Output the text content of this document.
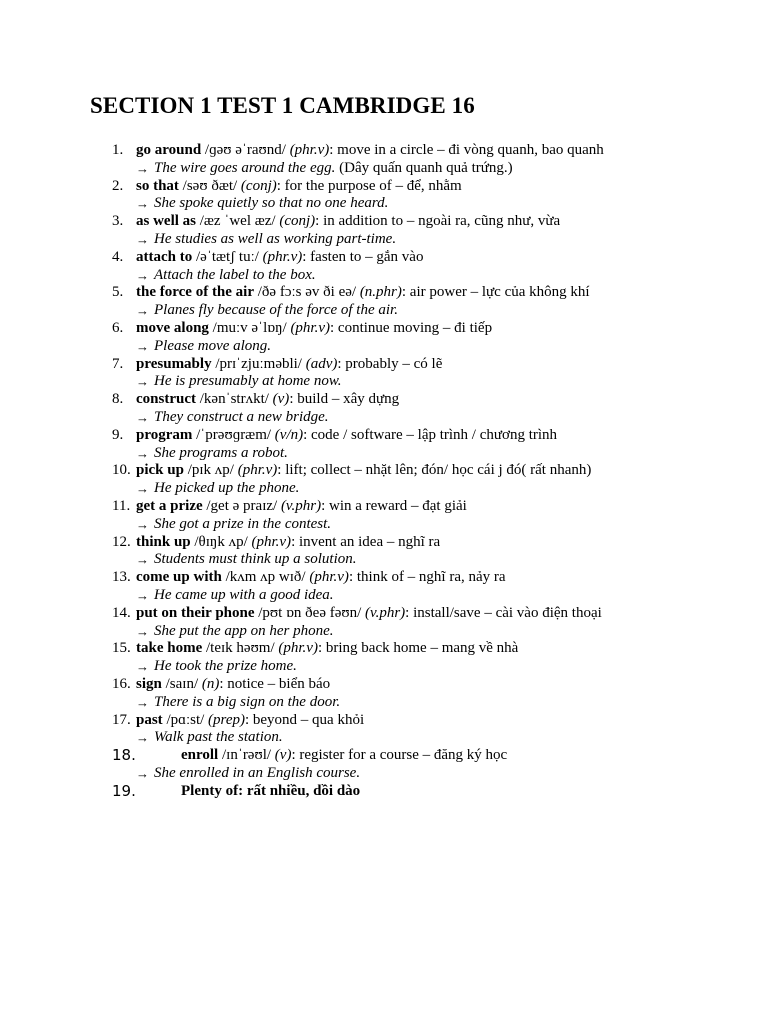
SECTION 1 TEST 1 CAMBRIDGE 16
1. go around /ɡəʊ əˈraʊnd/ (phr.v): move in a circle – đi vòng quanh, bao quanh
→ The wire goes around the egg. (Dây quấn quanh quả trứng.)
2. so that /səʊ ðæt/ (conj): for the purpose of – để, nhằm
→ She spoke quietly so that no one heard.
3. as well as /æz ˈwel æz/ (conj): in addition to – ngoài ra, cũng như, vừa
→ He studies as well as working part-time.
4. attach to /əˈtætʃ tuː/ (phr.v): fasten to – gắn vào
→ Attach the label to the box.
5. the force of the air /ðə fɔːs əv ði eə/ (n.phr): air power – lực của không khí
→ Planes fly because of the force of the air.
6. move along /muːv əˈlɒŋ/ (phr.v): continue moving – đi tiếp
→ Please move along.
7. presumably /prɪˈzjuːməbli/ (adv): probably – có lẽ
→ He is presumably at home now.
8. construct /kənˈstrʌkt/ (v): build – xây dựng
→ They construct a new bridge.
9. program /ˈprəʊɡræm/ (v/n): code / software – lập trình / chương trình
→ She programs a robot.
10. pick up /pɪk ʌp/ (phr.v): lift; collect – nhặt lên; đón/ học cái j đó( rất nhanh)
→ He picked up the phone.
11. get a prize /get ə praɪz/ (v.phr): win a reward – đạt giải
→ She got a prize in the contest.
12. think up /θɪŋk ʌp/ (phr.v): invent an idea – nghĩ ra
→ Students must think up a solution.
13. come up with /kʌm ʌp wɪð/ (phr.v): think of – nghĩ ra, nảy ra
→ He came up with a good idea.
14. put on their phone /pʊt ɒn ðeə fəʊn/ (v.phr): install/save – cài vào điện thoại
→ She put the app on her phone.
15. take home /teɪk həʊm/ (phr.v): bring back home – mang về nhà
→ He took the prize home.
16. sign /saɪn/ (n): notice – biển báo
→ There is a big sign on the door.
17. past /pɑːst/ (prep): beyond – qua khỏi
→ Walk past the station.
18.	enroll /ɪnˈrəʊl/ (v): register for a course – đăng ký học
→ She enrolled in an English course.
19.	Plenty of: rất nhiều, dồi dào
